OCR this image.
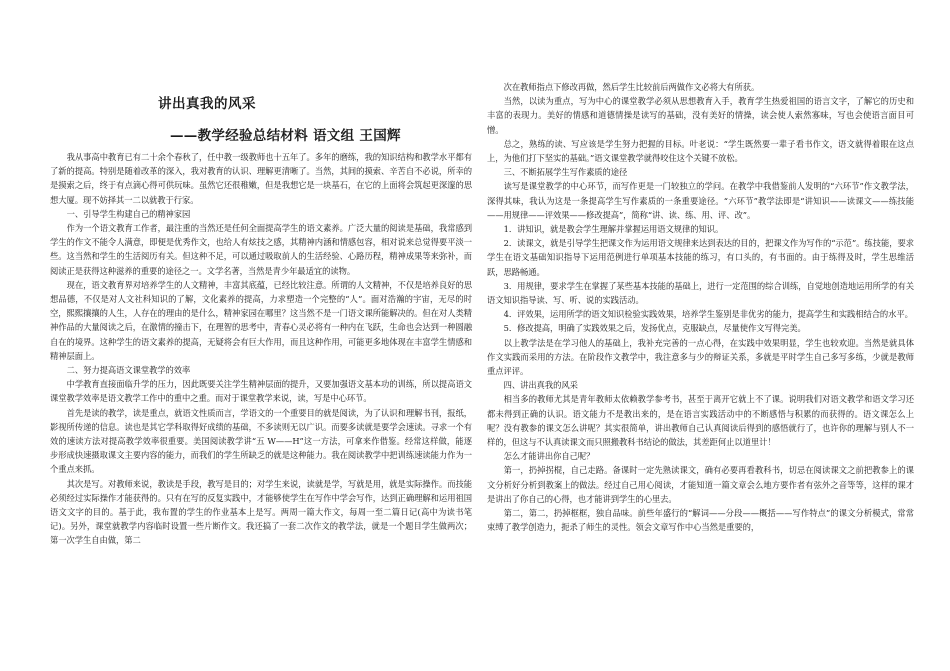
讲出真我的风采
——教学经验总结材料 语文组 王国辉

我从事高中教育已有二十余个春秋了，任中教一级教师也十五年了。多年的磨练，我的知识结构和教学水平都有了新的提高。特别是随着改革的深入，我对教育的认识、理解更清晰了。当然，其间的摸索、辛苦自不必说，所幸的是摸索之后，终于有点滴心得可供玩味。虽然它还很稚嫩，但是我想它是一块基石，在它的上面将会筑起更深邃的思想大厦。现不妨择其一二以就教于行家。

一、引导学生构建自己的精神家园

作为一个语文教育工作者，最注重的当然还是任何全面提高学生的语文素养。广泛大量的阅读是基础，我常感到学生的作文不能令人满意，即便是优秀作文，也给人有炫技之感，其精神内涵和情感包容，相对说来总觉得要平淡一些。这当然和学生的生活阅历有关。但这种不足，可以通过吸取前人的生活经验、心路历程，精神成果等来弥补，而阅读正是获得这种滋养的重要的途径之一。文学名著，当然是青少年最适宜的读物。

现在，语文教育界对培养学生的人文精神，丰富其底蕴，已经比较注意。所谓的人文精神，不仅是培养良好的思想品德，不仅是对人文社科知识的了解，文化素养的提高，力求塑造一个完整的“人”。面对浩瀚的宇宙，无尽的时空，熙熙攘攘的人生，人存在的理由的是什么，精神家园在哪里？这当然不是一门语文课所能解决的。但在对人类精神作品的大量阅读之后，在激情的撞击下，在理智的思考中，青春心灵必将有一种内在飞跃，生命也会达到一种圆融自在的境界。这种学生的语文素养的提高，无疑将会有巨大作用，而且这种作用，可能更多地体现在丰富学生情感和精神层面上。

二、努力提高语文课堂教学的效率

中学教育直接面临升学的压力，因此既要关注学生精神层面的提升，又要加强语文基本功的训练，所以提高语文课堂教学效率是语文教学工作中的重中之重。而对于课堂教学来说，读，写是中心环节。

首先是读的教学，读是重点，就语文性质而言，学语文的一个重要目的就是阅读，为了认识和理解书刊，报纸，影视所传递的信息。读也是其它学科取得好成绩的基础，不多读则无以广识。而要多读就是要学会速读。寻求一个有效的速读方法对提高教学效率很重要。美国阅读教学讲“五 W——H”这一方法，可拿来作借鉴。经常这样做，能逐步形成快速摄取课文主要内容的能力，而我们的学生所缺乏的就是这种能力。我在阅读教学中把训练速读能力作为一个重点来抓。

其次是写。对教师来说，教读是手段，教写是目的；对学生来说，读就是学，写就是用，就是实际操作。而技能必须经过实际操作才能获得的。只有在写的反复实践中，才能够使学生在写作中学会写作，达到正确理解和运用祖国语文文字的目的。基于此，我布置的学生的作业基本上是写。两周一篇大作文，每周一至二篇日记(高中为读书笔记)。另外，课堂就教学内容临时设置一些片断作文。我还搞了一套二次作文的教学法，就是一个题目学生做两次；第一次学生自由做，第二

次在教师指点下修改再做，然后学生比较前后两做作文必将大有所获。

当然，以读为重点，写为中心的课堂教学必须从思想教育入手，教育学生热爱祖国的语言文字，了解它的历史和丰富的表现力。美好的情感和道德情操是读写的基础，没有美好的情操，读会使人索然寡味，写也会使语言面目可憎。

总之，熟练的读、写应该是学生努力把握的目标。叶老说：“学生既然要一辈子看书作文，语文就得着眼在这点上，为他们打下坚实的基础。”语文课堂教学就得咬住这个关键不放松。

三、不断拓展学生写作素质的途径

读写是课堂教学的中心环节，而写作更是一门较独立的学问。在教学中我借鉴前人发明的“六环节”作文教学法，深得其味，我认为这是一条提高学生写作素质的一条重要途径。“六环节”教学法即是“讲知识——读课文——练技能——用规律——评效果——修改提高”，简称“讲、读、练、用、评、改”。

1．讲知识，就是教会学生理解并掌握运用语文规律的知识。

2．读课文，就是引导学生把课文作为运用语文规律来达到表达的目的，把课文作为写作的“示范”。练技能，要求学生在语文基础知识指导下运用范例进行单项基本技能的练习，有口头的，有书面的。由于练得及时，学生思维活跃，思路畅通。

3．用规律，要求学生在掌握了某些基本技能的基础上，进行一定范围的综合训练，自觉地创造地运用所学的有关语文知识指导读、写、听、说的实践活动。

4．评效果，运用所学的语文知识检验实践效果，培养学生鉴别是非优劣的能力，提高学生和实践相结合的水平。

5．修改提高，明确了实践效果之后，发扬优点，克服缺点，尽量使作文写得完美。

以上教学法是在学习他人的基础上，我补充完善的一点心得，在实践中效果明显，学生也较欢迎。当然是就具体作文实践而采用的方法。在阶段作文教学中，我注意多与少的辩证关系，多就是平时学生自己多写多练，少就是教师重点评评。

四、讲出真我的风采

相当多的教师尤其是青年教师太依赖教学参考书，甚至于离开它就上不了课。说明我们对语文教学和语文学习还都未得到正确的认识。语文能力不是教出来的，是在语言实践活动中的不断感悟与积累的而获得的。语文课怎么上呢？没有教参的课文怎么讲呢？其实很简单，讲出教师自己认真阅读后得到的感悟就行了，也许你的理解与别人不一样的，但这与不认真读课文而只照搬教科书结论的做法，其差距何止以道里计！

怎么才能讲出你自己呢？

第一，扔掉拐棍，自己走路。备课时一定先熟读课文，确有必要再看教科书，切忌在阅读课文之前把教参上的课文分析好分析到教案上的做法。经过自己用心阅读，才能知道一篇文章会么地方要作者有弦外之音等等，这样的课才是讲出了你自己的心得，也才能讲到学生的心里去。

第二，第二，扔掉框框，独自品味。前些年盛行的“解词——分段——概括——写作特点”的课文分析模式，常常束缚了教学创造力，扼杀了师生的灵性。领会文章写作中心当然是重要的，
